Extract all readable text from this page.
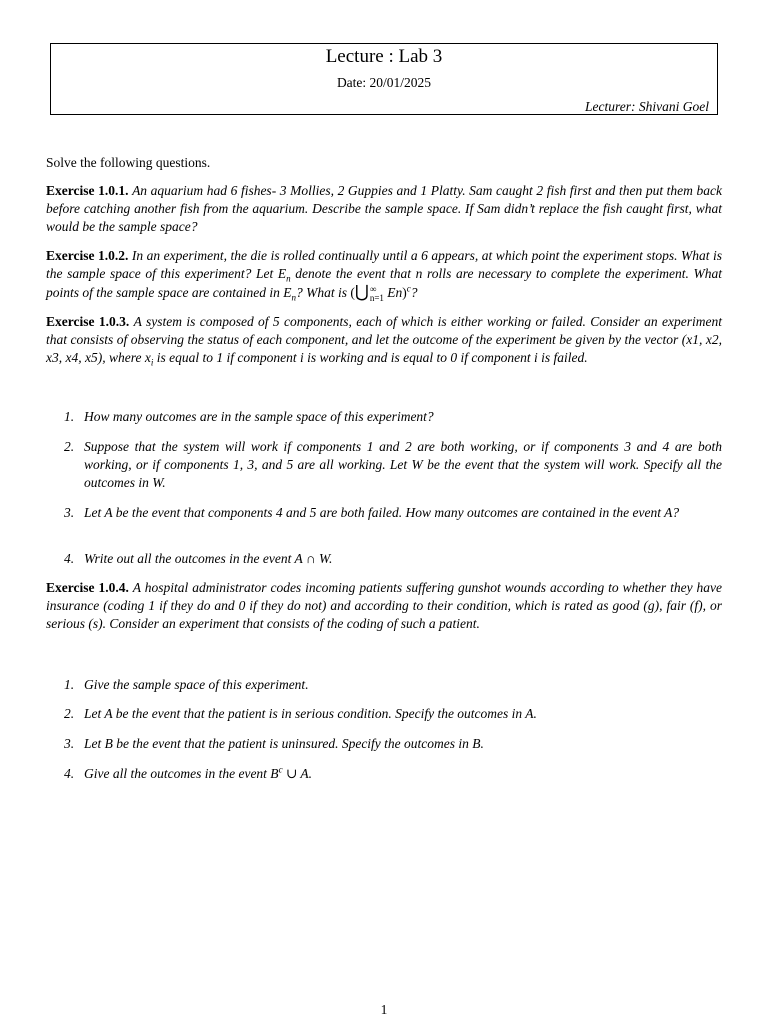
Lecture : Lab 3
Date: 20/01/2025
Lecturer: Shivani Goel
Solve the following questions.
Exercise 1.0.1. An aquarium had 6 fishes- 3 Mollies, 2 Guppies and 1 Platty. Sam caught 2 fish first and then put them back before catching another fish from the aquarium. Describe the sample space. If Sam didn’t replace the fish caught first, what would be the sample space?
Exercise 1.0.2. In an experiment, the die is rolled continually until a 6 appears, at which point the experiment stops. What is the sample space of this experiment? Let $E_n$ denote the event that n rolls are necessary to complete the experiment. What points of the sample space are contained in $E_n$? What is (⋃∞
n=1 En)$^c$?
Exercise 1.0.3. A system is composed of 5 components, each of which is either working or failed. Consider an experiment that consists of observing the status of each component, and let the outcome of the experiment be given by the vector (x1, x2, x3, x4, x5), where $x_i$ is equal to 1 if component i is working and is equal to 0 if component i is failed.
1. How many outcomes are in the sample space of this experiment?
2. Suppose that the system will work if components 1 and 2 are both working, or if components 3 and 4 are both working, or if components 1, 3, and 5 are all working. Let W be the event that the system will work. Specify all the outcomes in W.
3. Let A be the event that components 4 and 5 are both failed. How many outcomes are contained in the event A?
4. Write out all the outcomes in the event A ∩ W.
Exercise 1.0.4. A hospital administrator codes incoming patients suffering gunshot wounds according to whether they have insurance (coding 1 if they do and 0 if they do not) and according to their condition, which is rated as good (g), fair (f), or serious (s). Consider an experiment that consists of the coding of such a patient.
1. Give the sample space of this experiment.
2. Let A be the event that the patient is in serious condition. Specify the outcomes in A.
3. Let B be the event that the patient is uninsured. Specify the outcomes in B.
4. Give all the outcomes in the event $B^c$ ∪ A.
1
